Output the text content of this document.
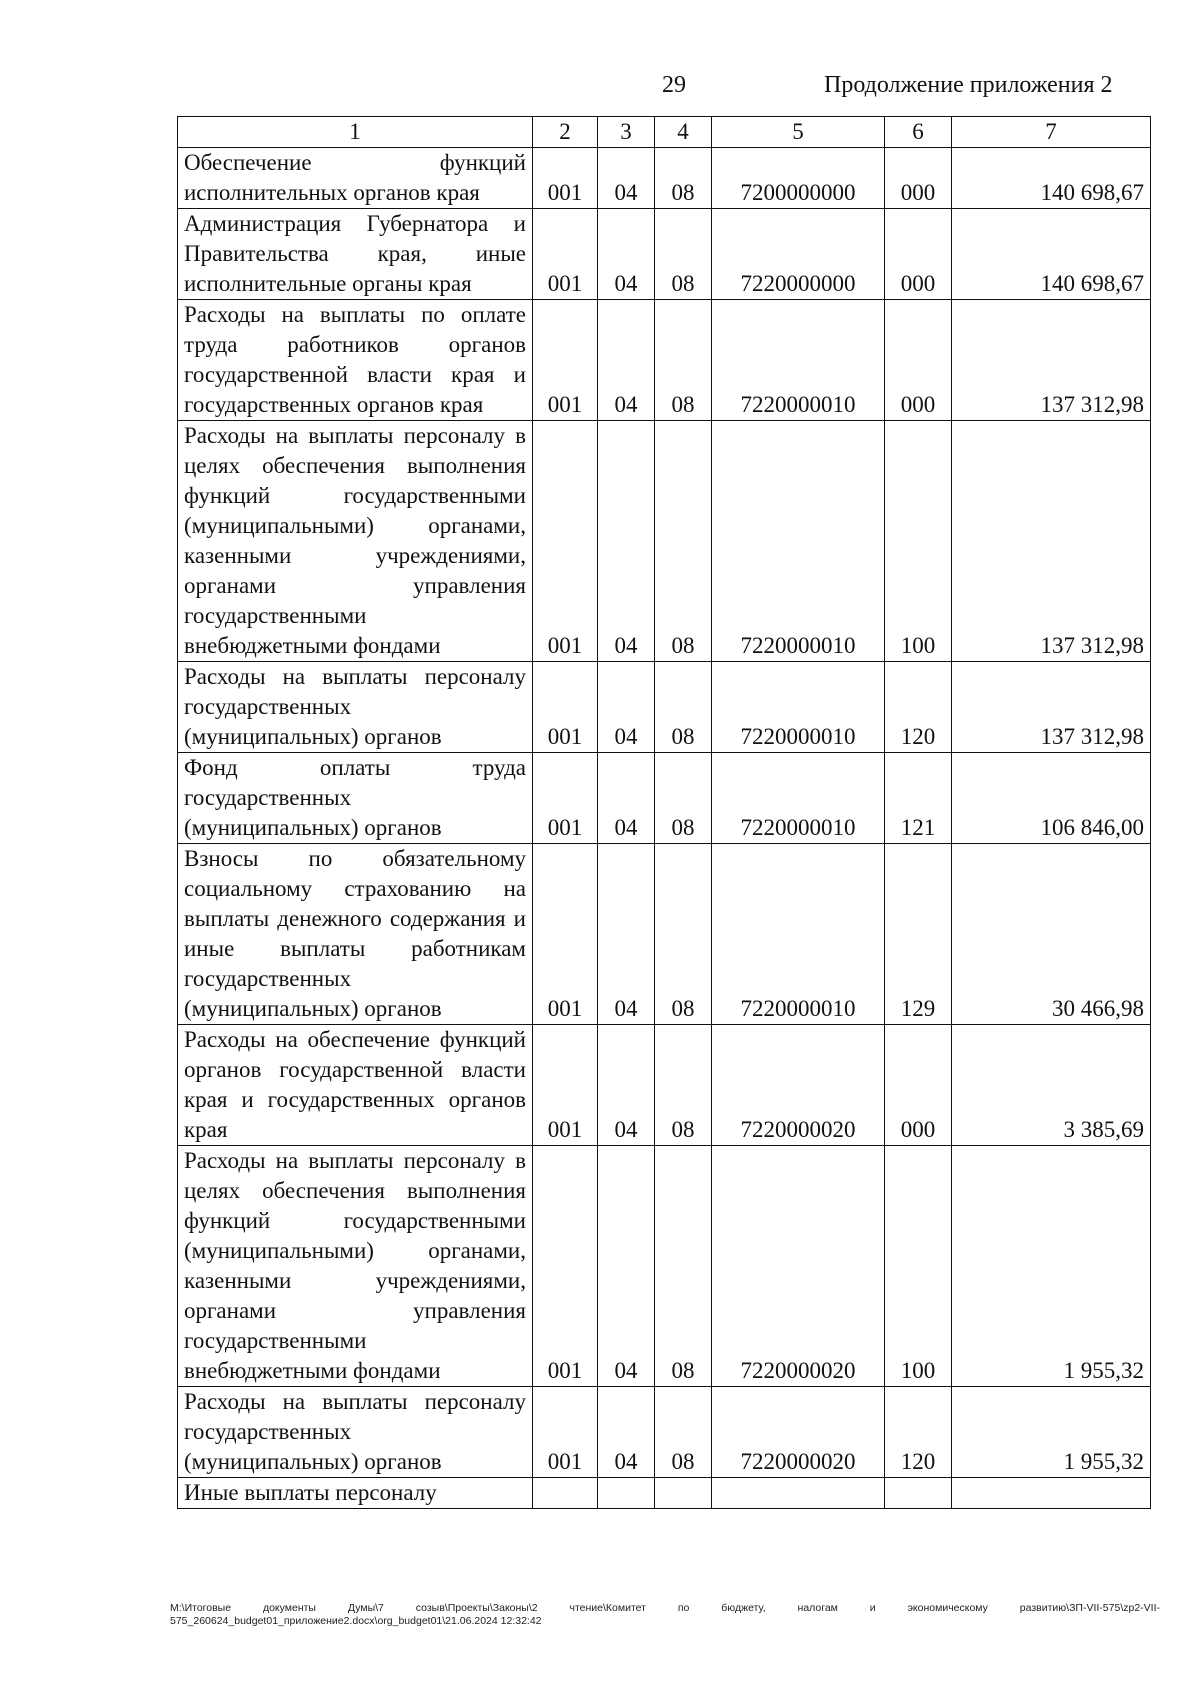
29	Продолжение приложения 2
1	2	3	4	5	6	7
Обеспечение функций исполнительных органов края	001	04	08	7200000000	000	140 698,67
Администрация Губернатора и Правительства края, иные исполнительные органы края	001	04	08	7220000000	000	140 698,67
Расходы на выплаты по оплате труда работников органов государственной власти края и государственных органов края	001	04	08	7220000010	000	137 312,98
Расходы на выплаты персоналу в целях обеспечения выполнения функций государственными (муниципальными) органами, казенными учреждениями, органами управления государственными внебюджетными фондами	001	04	08	7220000010	100	137 312,98
Расходы на выплаты персоналу государственных (муниципальных) органов	001	04	08	7220000010	120	137 312,98
Фонд оплаты труда государственных (муниципальных) органов	001	04	08	7220000010	121	106 846,00
Взносы по обязательному социальному страхованию на выплаты денежного содержания и иные выплаты работникам государственных (муниципальных) органов	001	04	08	7220000010	129	30 466,98
Расходы на обеспечение функций органов государственной власти края и государственных органов края	001	04	08	7220000020	000	3 385,69
Расходы на выплаты персоналу в целях обеспечения выполнения функций государственными (муниципальными) органами, казенными учреждениями, органами управления государственными внебюджетными фондами	001	04	08	7220000020	100	1 955,32
Расходы на выплаты персоналу государственных (муниципальных) органов	001	04	08	7220000020	120	1 955,32
Иные выплаты персоналу						
M:\Итоговые документы Думы\7 созыв\Проекты\Законы\2 чтение\Комитет по бюджету, налогам и экономическому развитию\ЗП-VII-575\zp2-VII-575_260624_budget01_приложение2.docx\org_budget01\21.06.2024 12:32:42
